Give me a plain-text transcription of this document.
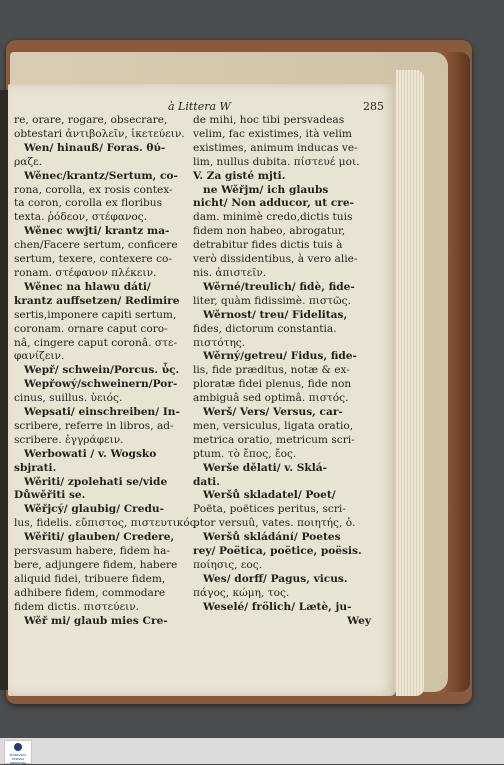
à Littera W	285

re, orare, rogare, obsecrare,

obtestari ἀντιβολεῖν, ἱκετεύειν.

Wen/ hinauß/ Foras. θύ-

ραζε.

Wěnec/krantz/Sertum, co-

rona, corolla, ex rosis contex-

ta coron, corolla ex floribus

texta. ῥόδεον, στέφανος.

Wěnec wwjti/ krantz ma-

chen/Facere sertum, conficere

sertum, texere, contexere co-

ronam. στέφανον πλέκειν.

Wěnec na hlawu dáti/

krantz auffsetzen/ Redimire

sertis,imponere capiti sertum,

coronam. ornare caput coro-

nâ, cingere caput coronâ. στε-

φανίζειν.

Wepř/ schwein/Porcus. ὗς.

Wepřowý/schweinern/Por-

cinus, suillus. ὑειός.

Wepsati/ einschreiben/ In-

scribere, referre in libros, ad-

scribere. ἐγγράφειν.

Werbowati / v. Wogsko

sbjrati.

Wěriti/ zpolehati se/vide

Důwěřiti se.

Wěřjcý/ glaubig/ Credu-

lus, fidelis. εὔπιστος, πιστευτικός.

Wěřiti/ glauben/ Credere,

persvasum habere, fidem ha-

bere, adjungere fidem, habere

aliquid fidei, tribuere fidem,

adhibere fidem, commodare

fidem dictis. πιστεύειν.

Wěř mi/ glaub mies Cre-

de mihi, hoc tibi persvadeas

velim, fac existimes, ità velim

existimes, animum inducas ve-

lim, nullus dubita. πίστευέ μοι.

V. Za gisté mjti.

ne Wěřjm/ ich glaubs

nicht/ Non adducor, ut cre-

dam. minimè credo,dictis tuis

fidem non habeo, abrogatur,

detrabitur fides dictis tuis à

verò dissidentibus, à vero alie-

nis. ἀπιστεῖν.

Wěrné/treulich/ fidè, fide-

liter, quàm fidissimè. πιστῶς.

Wěrnost/ treu/ Fidelitas,

fides, dictorum constantia.

πιστότης.

Wěrný/getreu/ Fidus, fide-

lis, fide præditus, notæ & ex-

ploratæ fidei plenus, fide non

ambiguâ sed optimâ. πιστός.

Werš/ Vers/ Versus, car-

men, versiculus, ligata oratio,

metrica oratio, metricum scri-

ptum. τὸ ἔπος, ἔος.

Werše dělati/ v. Sklá-

dati.

Weršů skladatel/ Poet/

Poëta, poëtices peritus, scri-

ptor versuû, vates. ποιητής, ὁ.

Weršů skládání/ Poetes

rey/ Poëtica, poëtice, poësis.

ποίησις, εος.

Wes/ dorff/ Pagus, vicus.

πάγος, κώμη, τος.

Weselé/ frölich/ Lætè, ju-

Wey

MORAVSKÁ ZEMSKÁ KNIHOVNA
